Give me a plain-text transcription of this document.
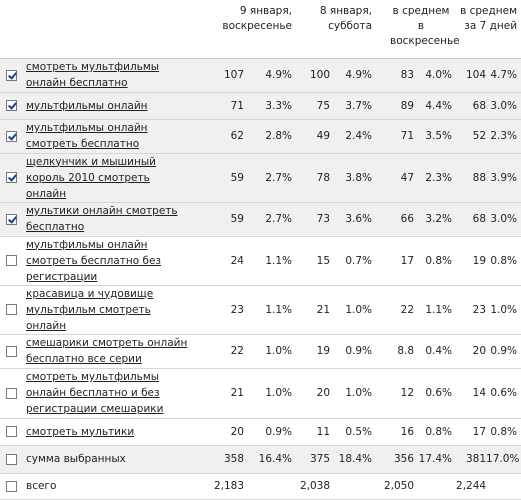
		9 января,
воскресенье		8 января,
суббота		в среднем
в
воскресенье		в среднем
за 7 дней	
	смотреть мультфильмы онлайн бесплатно	107	4.9%	100	4.9%	83	4.0%	104	4.7%
	мультфильмы онлайн	71	3.3%	75	3.7%	89	4.4%	68	3.0%
	мультфильмы онлайн смотреть бесплатно	62	2.8%	49	2.4%	71	3.5%	52	2.3%
	щелкунчик и мышиный король 2010 смотреть онлайн	59	2.7%	78	3.8%	47	2.3%	88	3.9%
	мультики онлайн смотреть бесплатно	59	2.7%	73	3.6%	66	3.2%	68	3.0%
	мультфильмы онлайн смотреть бесплатно без регистрации	24	1.1%	15	0.7%	17	0.8%	19	0.8%
	красавица и чудовище мультфильм смотреть онлайн	23	1.1%	21	1.0%	22	1.1%	23	1.0%
	смешарики смотреть онлайн бесплатно все серии	22	1.0%	19	0.9%	8.8	0.4%	20	0.9%
	смотреть мультфильмы онлайн бесплатно и без регистрации смешарики	21	1.0%	20	1.0%	12	0.6%	14	0.6%
	смотреть мультики	20	0.9%	11	0.5%	16	0.8%	17	0.8%
	сумма выбранных	358	16.4%	375	18.4%	356	17.4%	381	17.0%
	всего	2,183		2,038		2,050		2,244	
